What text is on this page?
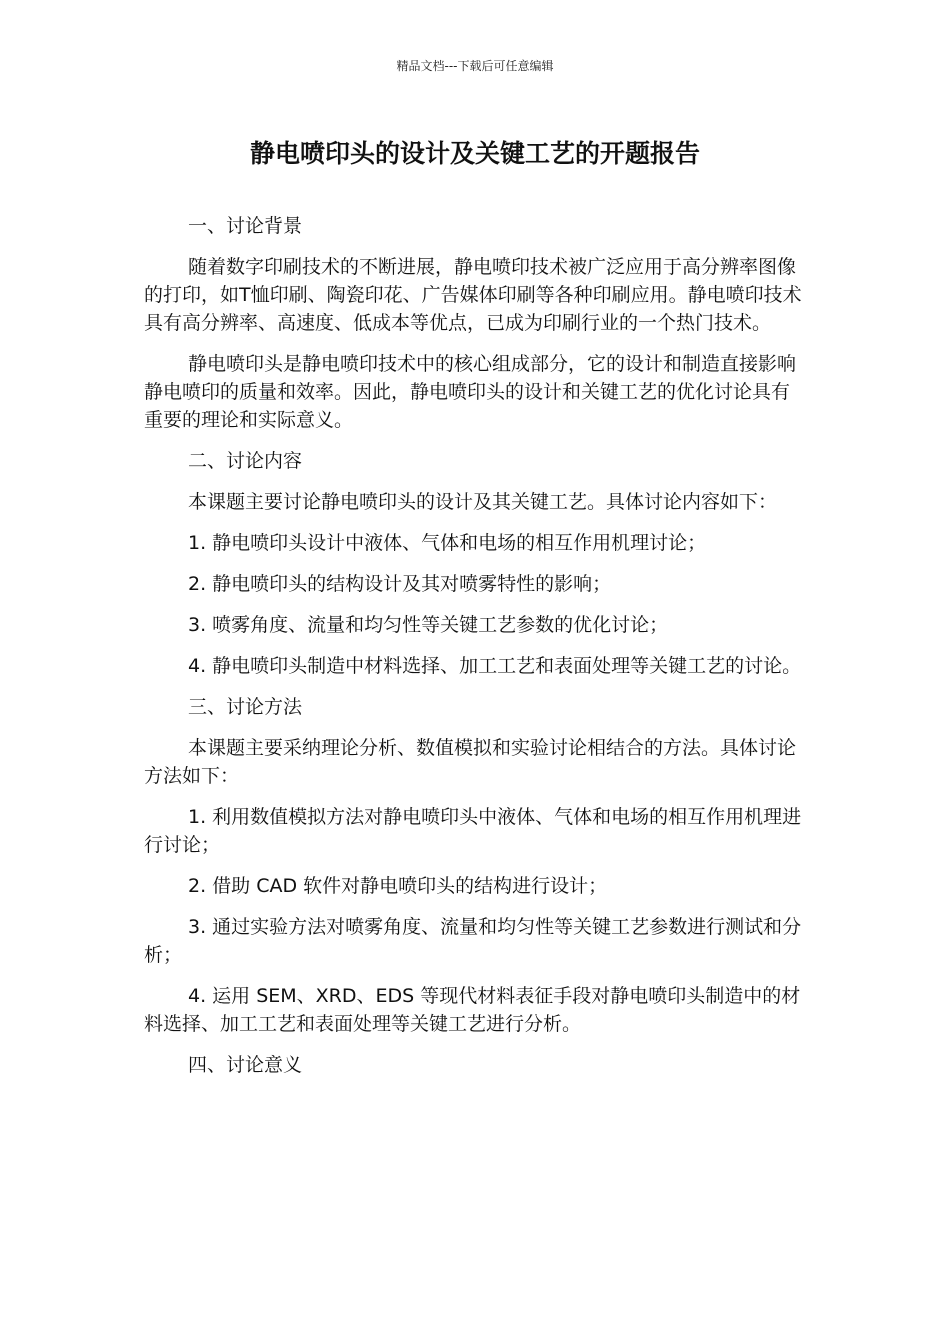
精品文档---下载后可任意编辑
静电喷印头的设计及关键工艺的开题报告

一、讨论背景

随着数字印刷技术的不断进展，静电喷印技术被广泛应用于高分辨率图像的打印，如T恤印刷、陶瓷印花、广告媒体印刷等各种印刷应用。静电喷印技术具有高分辨率、高速度、低成本等优点，已成为印刷行业的一个热门技术。

静电喷印头是静电喷印技术中的核心组成部分，它的设计和制造直接影响静电喷印的质量和效率。因此，静电喷印头的设计和关键工艺的优化讨论具有重要的理论和实际意义。

二、讨论内容

本课题主要讨论静电喷印头的设计及其关键工艺。具体讨论内容如下：

1. 静电喷印头设计中液体、气体和电场的相互作用机理讨论；

2. 静电喷印头的结构设计及其对喷雾特性的影响；

3. 喷雾角度、流量和均匀性等关键工艺参数的优化讨论；

4. 静电喷印头制造中材料选择、加工工艺和表面处理等关键工艺的讨论。

三、讨论方法

本课题主要采纳理论分析、数值模拟和实验讨论相结合的方法。具体讨论方法如下：

1. 利用数值模拟方法对静电喷印头中液体、气体和电场的相互作用机理进行讨论；

2. 借助 CAD 软件对静电喷印头的结构进行设计；

3. 通过实验方法对喷雾角度、流量和均匀性等关键工艺参数进行测试和分析；

4. 运用 SEM、XRD、EDS 等现代材料表征手段对静电喷印头制造中的材料选择、加工工艺和表面处理等关键工艺进行分析。

四、讨论意义
